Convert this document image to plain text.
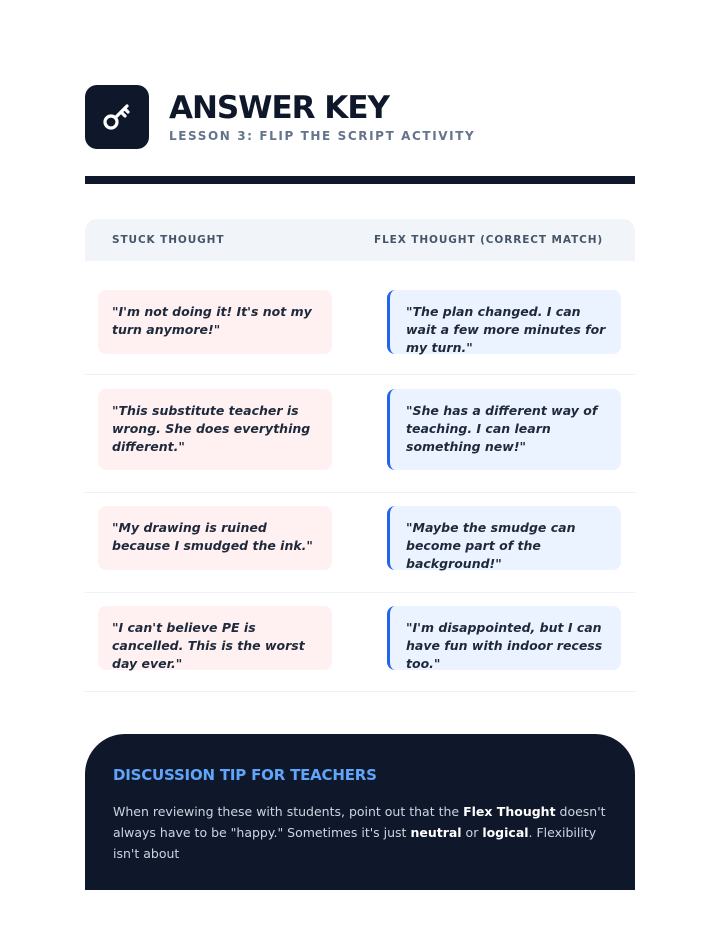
ANSWER KEY
LESSON 3: FLIP THE SCRIPT ACTIVITY
STUCK THOUGHT	FLEX THOUGHT (CORRECT MATCH)
"I'm not doing it! It's not my turn anymore!"
"The plan changed. I can wait a few more minutes for my turn."
"This substitute teacher is wrong. She does everything different."
"She has a different way of teaching. I can learn something new!"
"My drawing is ruined because I smudged the ink."
"Maybe the smudge can become part of the background!"
"I can't believe PE is cancelled. This is the worst day ever."
"I'm disappointed, but I can have fun with indoor recess too."
DISCUSSION TIP FOR TEACHERS
When reviewing these with students, point out that the Flex Thought doesn't always have to be "happy." Sometimes it's just neutral or logical. Flexibility isn't about
